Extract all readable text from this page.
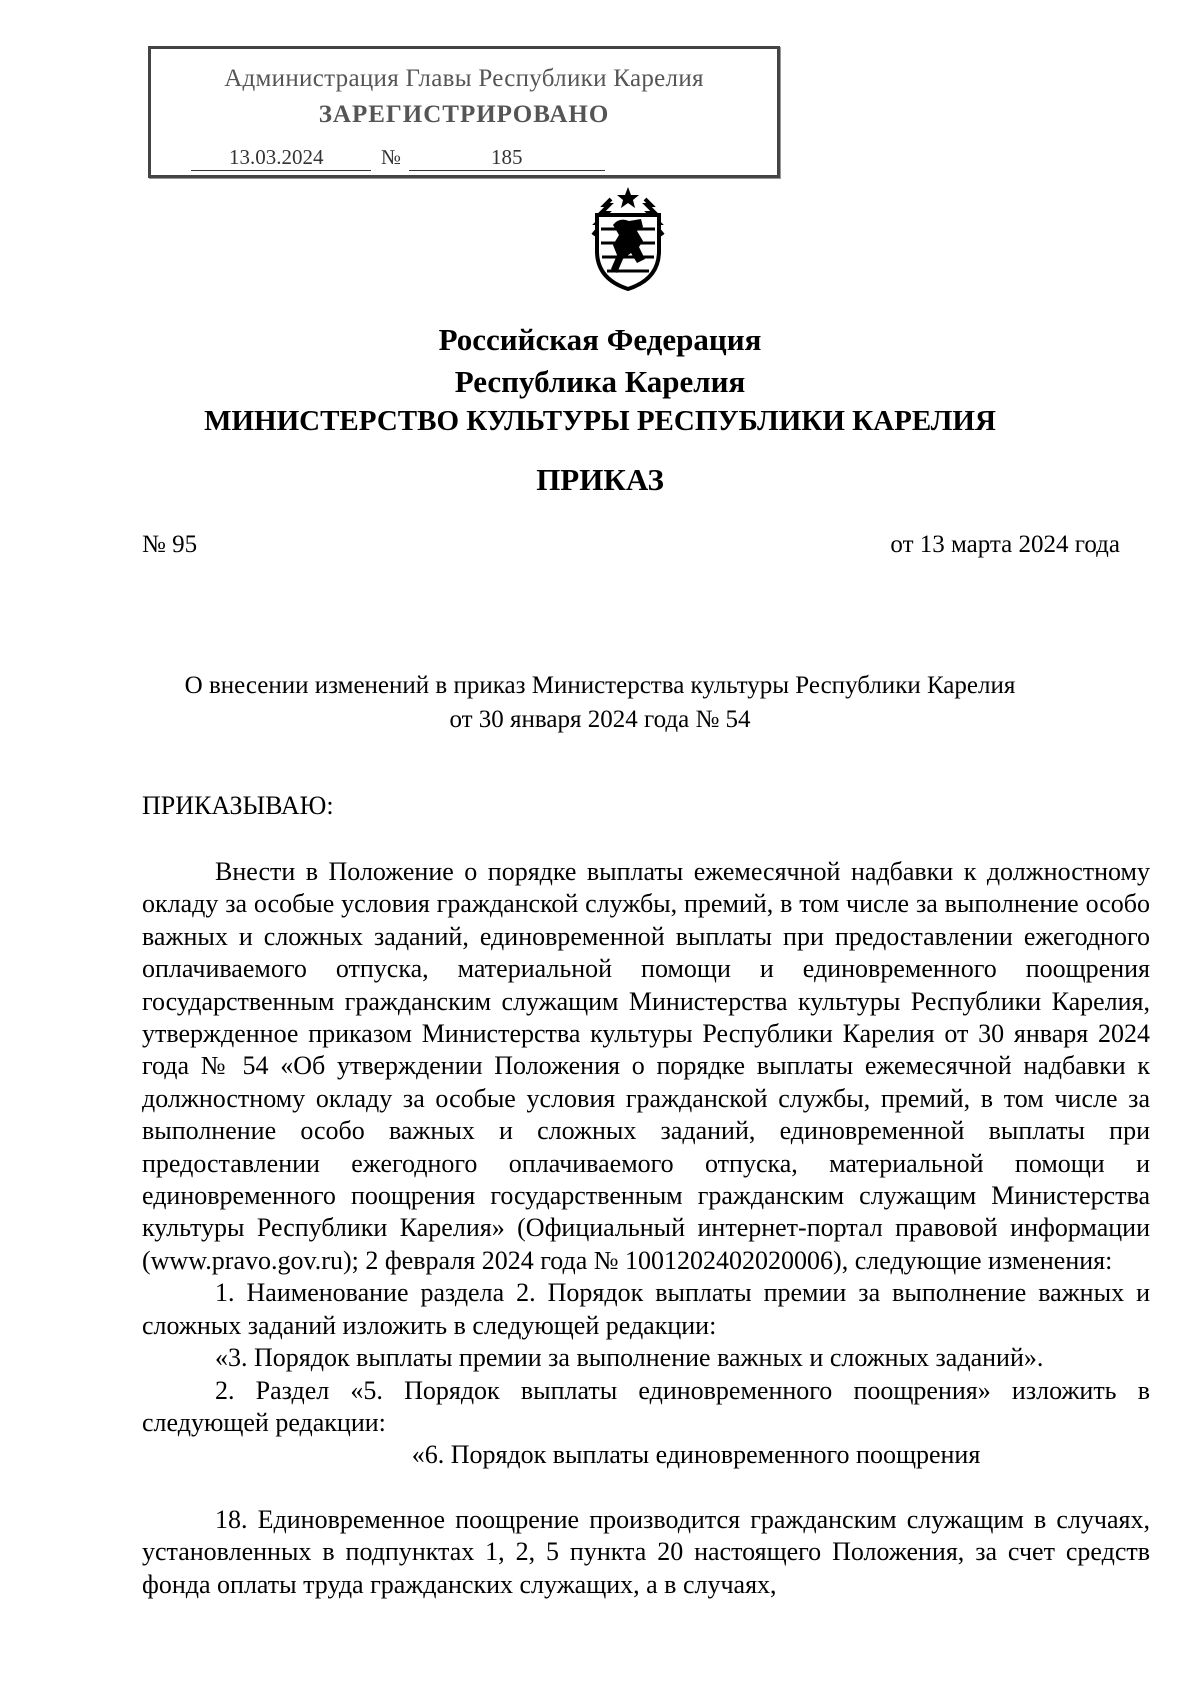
Администрация Главы Республики Карелия
ЗАРЕГИСТРИРОВАНО
13.03.2024	№	185
Российская Федерация
Республика Карелия
МИНИСТЕРСТВО КУЛЬТУРЫ РЕСПУБЛИКИ КАРЕЛИЯ
ПРИКАЗ
№ 95	от 13 марта 2024 года
О внесении изменений в приказ Министерства культуры Республики Карелия
от 30 января 2024 года № 54
ПРИКАЗЫВАЮ:

Внести в Положение о порядке выплаты ежемесячной надбавки к должностному окладу за особые условия гражданской службы, премий, в том числе за выполнение особо важных и сложных заданий, единовременной выплаты при предоставлении ежегодного оплачиваемого отпуска, материальной помощи и единовременного поощрения государственным гражданским служащим Министерства культуры Республики Карелия, утвержденное приказом Министерства культуры Республики Карелия от 30 января 2024 года № 54 «Об утверждении Положения о порядке выплаты ежемесячной надбавки к должностному окладу за особые условия гражданской службы, премий, в том числе за выполнение особо важных и сложных заданий, единовременной выплаты при предоставлении ежегодного оплачиваемого отпуска, материальной помощи и единовременного поощрения государственным гражданским служащим Министерства культуры Республики Карелия» (Официальный интернет-портал правовой информации (www.pravo.gov.ru); 2 февраля 2024 года № 1001202402020006), следующие изменения:

1. Наименование раздела 2. Порядок выплаты премии за выполнение важных и сложных заданий изложить в следующей редакции:

«3. Порядок выплаты премии за выполнение важных и сложных заданий».

2. Раздел «5. Порядок выплаты единовременного поощрения» изложить в следующей редакции:

«6. Порядок выплаты единовременного поощрения

18. Единовременное поощрение производится гражданским служащим в случаях, установленных в подпунктах 1, 2, 5 пункта 20 настоящего Положения, за счет средств фонда оплаты труда гражданских служащих, а в случаях,
